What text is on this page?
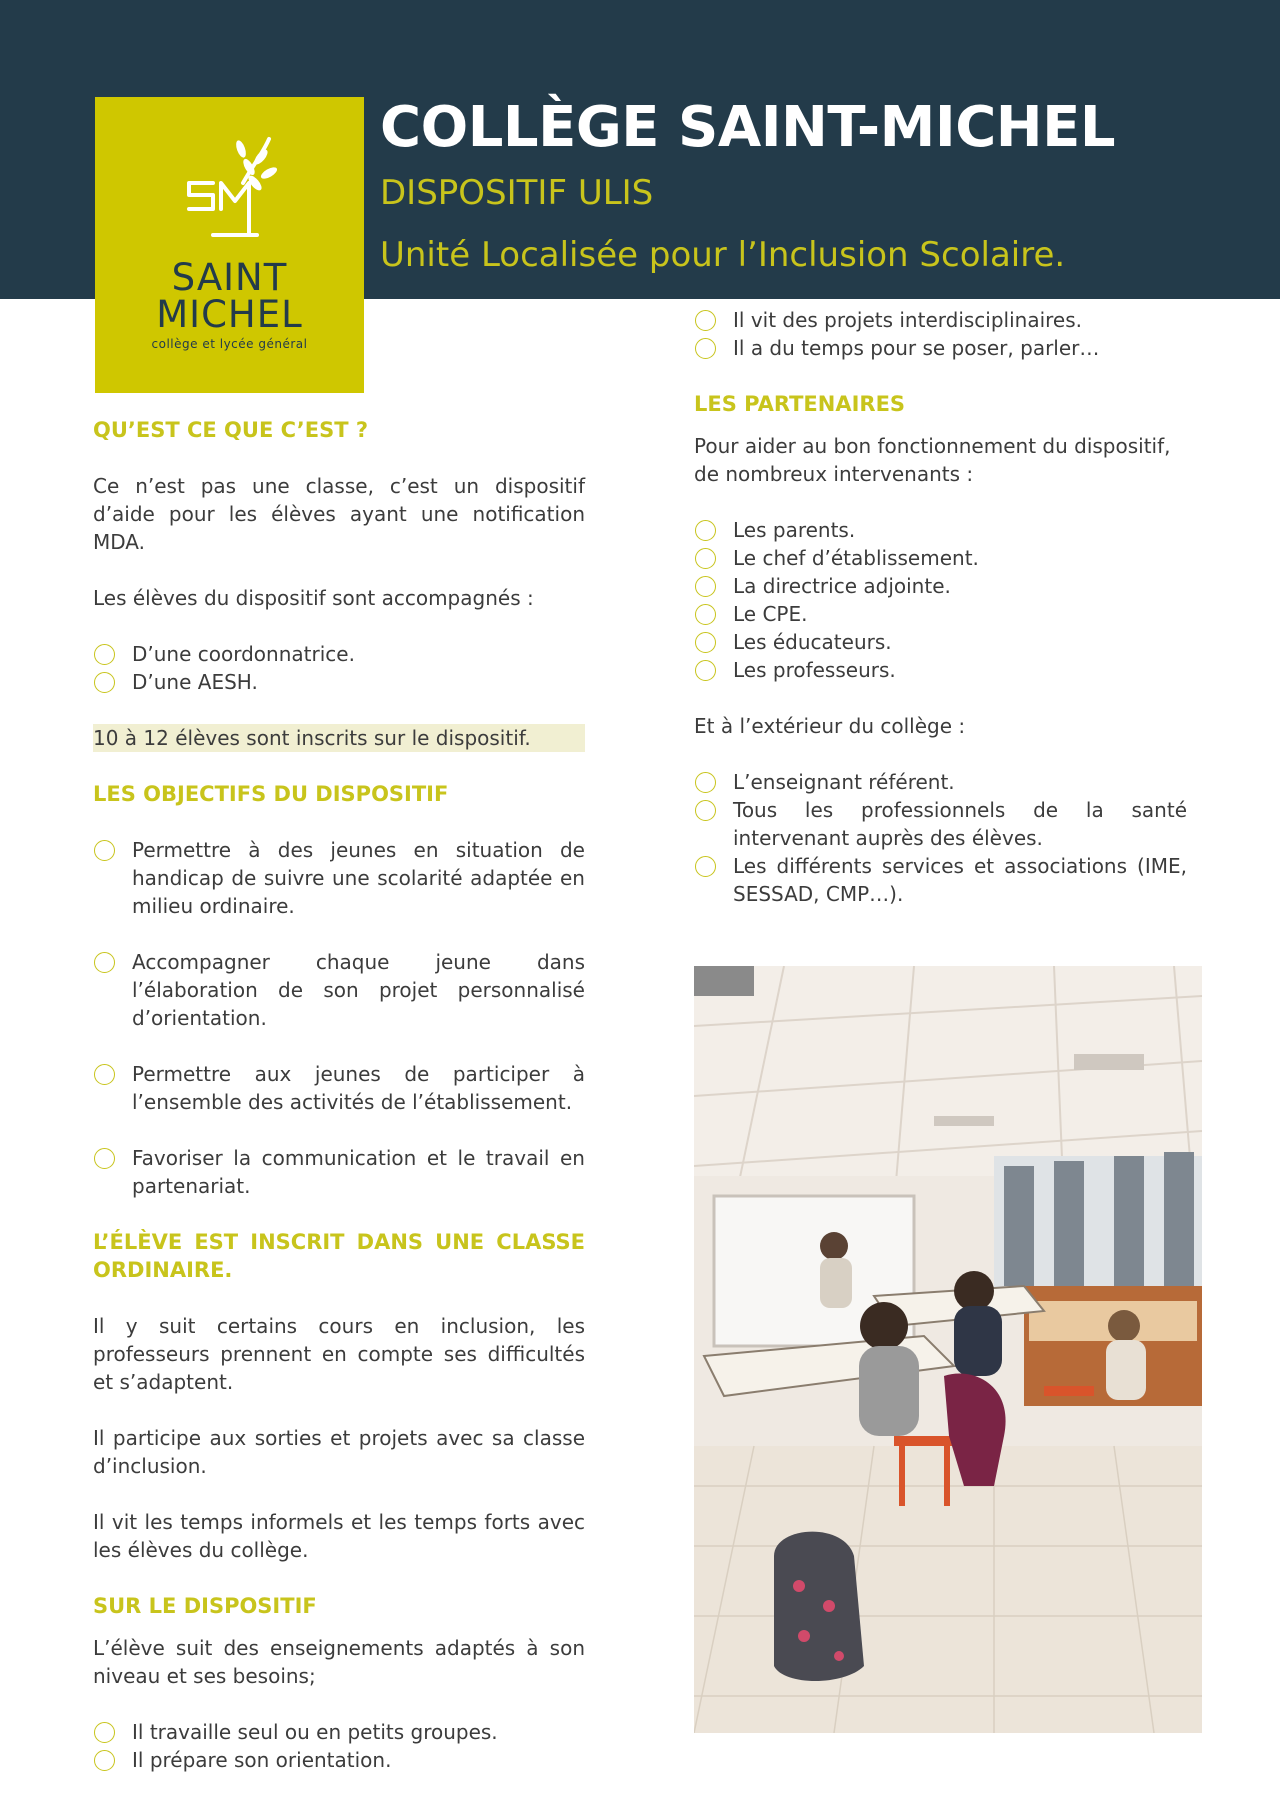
SAINT
MICHEL
collège et lycée général
COLLÈGE SAINT-MICHEL
DISPOSITIF ULIS
Unité Localisée pour l’Inclusion Scolaire.
QU’EST CE QUE C’EST ?

Ce n’est pas une classe, c’est un dispositif d’aide pour les élèves ayant une notification MDA.

Les élèves du dispositif sont accompagnés :

D’une coordonnatrice.
D’une AESH.

10 à 12 élèves sont inscrits sur le dispositif.

LES OBJECTIFS DU DISPOSITIF
Permettre à des jeunes en situation de handicap de suivre une scolarité adaptée en milieu ordinaire.
Accompagner chaque jeune dans l’élaboration de son projet personnalisé d’orientation.
Permettre aux jeunes de participer à l’ensemble des activités de l’établissement.
Favoriser la communication et le travail en partenariat.
L’ÉLÈVE EST INSCRIT DANS UNE CLASSE ORDINAIRE.

Il y suit certains cours en inclusion, les professeurs prennent en compte ses difficultés et s’adaptent.

Il participe aux sorties et projets avec sa classe d’inclusion.

Il vit les temps informels et les temps forts avec les élèves du collège.

SUR LE DISPOSITIF

L’élève suit des enseignements adaptés à son niveau et ses besoins;

Il travaille seul ou en petits groupes.
Il prépare son orientation.
Il vit des projets interdisciplinaires.
Il a du temps pour se poser, parler…
LES PARTENAIRES

Pour aider au bon fonctionnement du dispositif, de nombreux intervenants :

Les parents.
Le chef d’établissement.
La directrice adjointe.
Le CPE.
Les éducateurs.
Les professeurs.

Et à l’extérieur du collège :

L’enseignant référent.
Tous les professionnels de la santé intervenant auprès des élèves.
Les différents services et associations (IME, SESSAD, CMP…).
